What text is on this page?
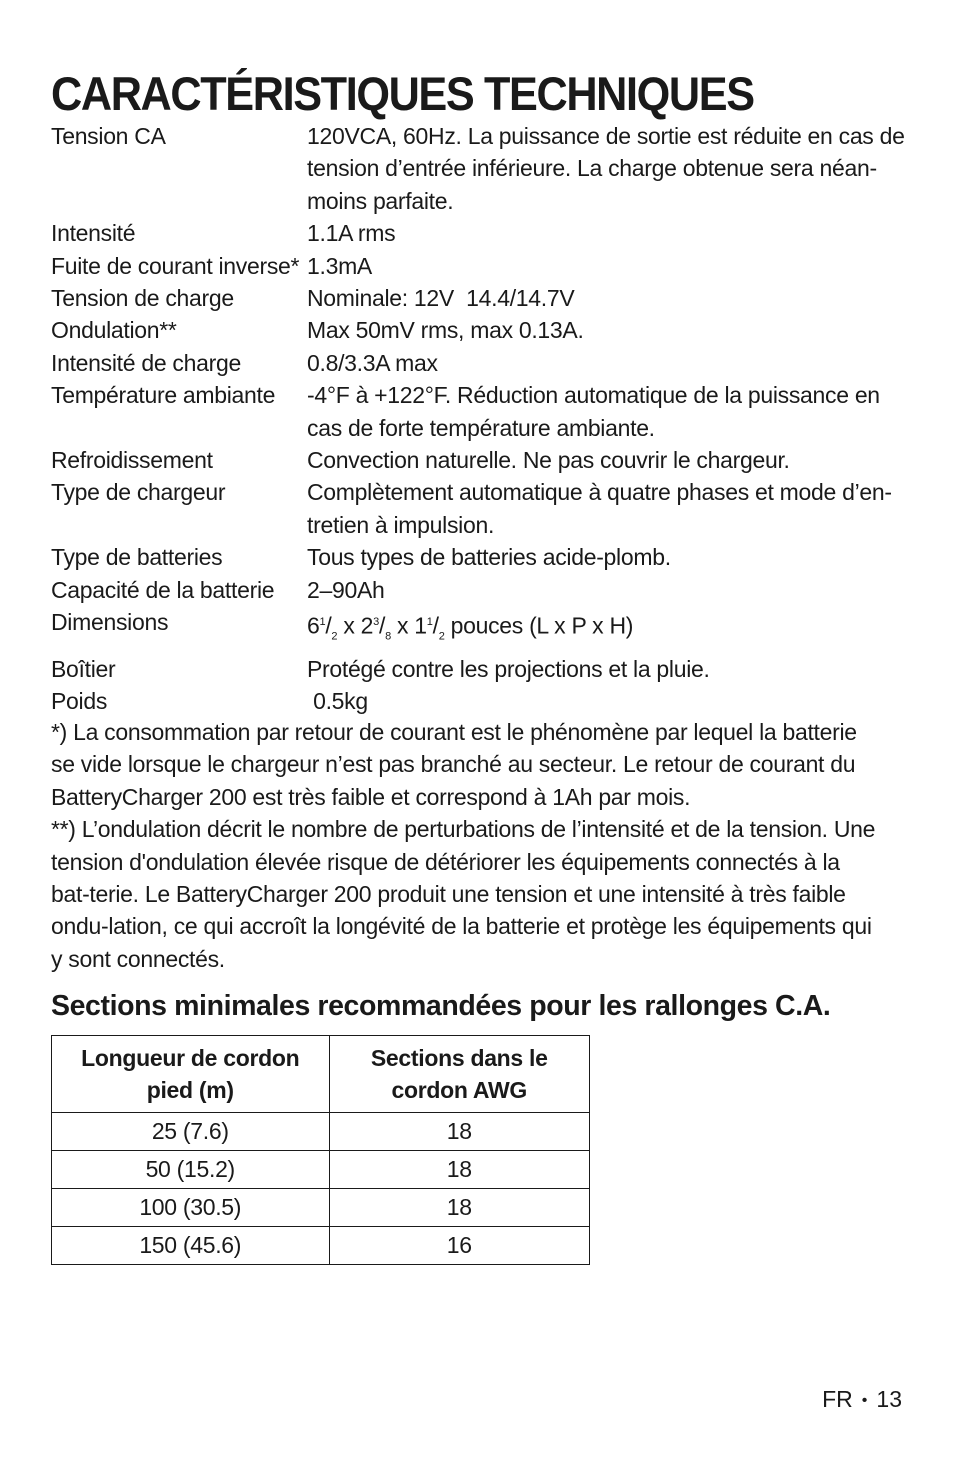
CARACTÉRISTIQUES TECHNIQUES
Tension CA	120VCA, 60Hz. La puissance de sortie est réduite en cas de tension d’entrée inférieure. La charge obtenue sera néan-moins parfaite.
Intensité	1.1A rms
Fuite de courant inverse* 1.3mA
Tension de charge	Nominale: 12V  14.4/14.7V
Ondulation**	Max 50mV rms, max 0.13A.
Intensité de charge	0.8/3.3A max
Température ambiante	-4°F à +122°F. Réduction automatique de la puissance en cas de forte température ambiante.
Refroidissement	Convection naturelle. Ne pas couvrir le chargeur.
Type de chargeur	Complètement automatique à quatre phases et mode d’en-tretien à impulsion.
Type de batteries	Tous types de batteries acide-plomb.
Capacité de la batterie	2–90Ah
Dimensions	$6^1/_2$ x $2^3/_8$ x $1^1/_2$ pouces (L x P x H)
Boîtier	Protégé contre les projections et la pluie.
Poids	0.5kg

*) La consommation par retour de courant est le phénomène par lequel la batterie se vide lorsque le chargeur n’est pas branché au secteur. Le retour de courant du BatteryCharger 200 est très faible et correspond à 1Ah par mois.

**) L’ondulation décrit le nombre de perturbations de l’intensité et de la tension. Une tension d'ondulation élevée risque de détériorer les équipements connectés à la bat-terie. Le BatteryCharger 200 produit une tension et une intensité à très faible ondu-lation, ce qui accroît la longévité de la batterie et protège les équipements qui y sont connectés.

Sections minimales recommandées pour les rallonges C.A.
Longueur de cordon pied (m)	Sections dans le cordon AWG

25 (7.6)	18
50 (15.2)	18
100 (30.5)	18
150 (45.6)	16
FR • 13
